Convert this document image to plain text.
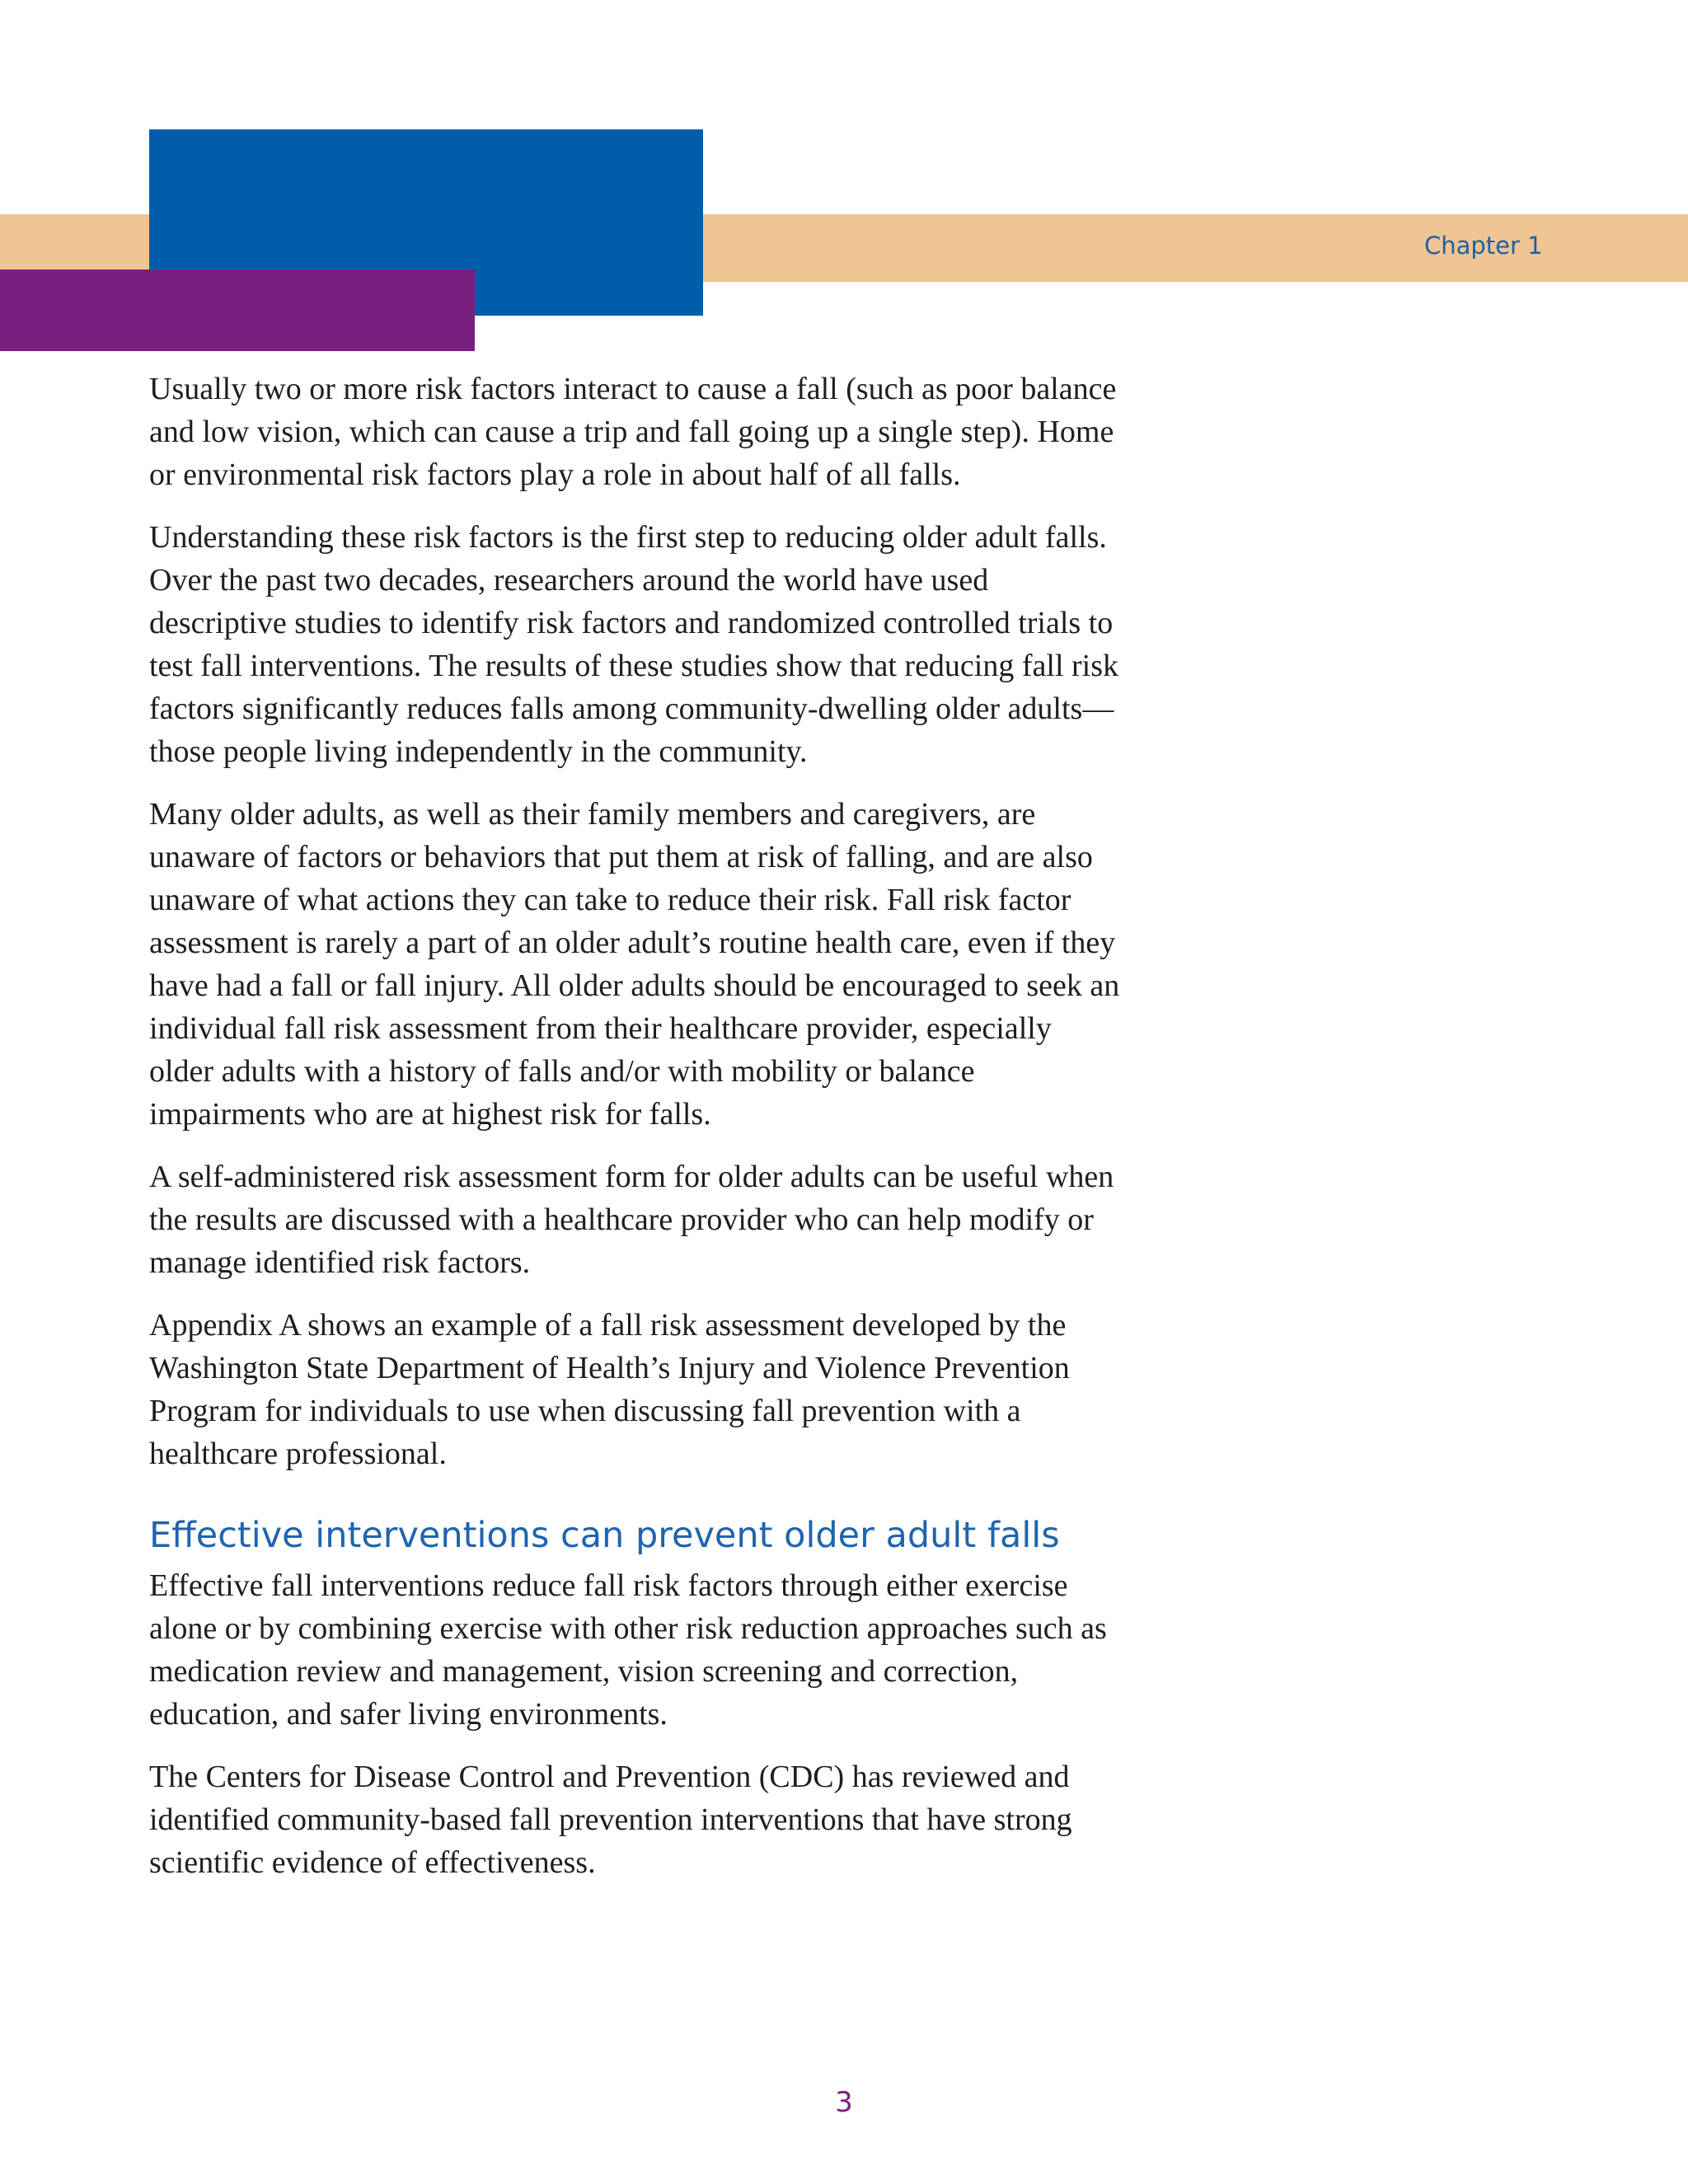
Chapter 1

Usually two or more risk factors interact to cause a fall (such as poor balance and low vision, which can cause a trip and fall going up a single step). Home or environmental risk factors play a role in about half of all falls.

Understanding these risk factors is the first step to reducing older adult falls. Over the past two decades, researchers around the world have used descriptive studies to identify risk factors and randomized controlled trials to test fall interventions. The results of these studies show that reducing fall risk factors significantly reduces falls among community-dwelling older adults—those people living independently in the community.

Many older adults, as well as their family members and caregivers, are unaware of factors or behaviors that put them at risk of falling, and are also unaware of what actions they can take to reduce their risk. Fall risk factor assessment is rarely a part of an older adult’s routine health care, even if they have had a fall or fall injury. All older adults should be encouraged to seek an individual fall risk assessment from their healthcare provider, especially older adults with a history of falls and/or with mobility or balance impairments who are at highest risk for falls.

A self-administered risk assessment form for older adults can be useful when the results are discussed with a healthcare provider who can help modify or manage identified risk factors.

Appendix A shows an example of a fall risk assessment developed by the Washington State Department of Health’s Injury and Violence Prevention Program for individuals to use when discussing fall prevention with a healthcare professional.

Effective interventions can prevent older adult falls

Effective fall interventions reduce fall risk factors through either exercise alone or by combining exercise with other risk reduction approaches such as medication review and management, vision screening and correction, education, and safer living environments.

The Centers for Disease Control and Prevention (CDC) has reviewed and identified community-based fall prevention interventions that have strong scientific evidence of effectiveness.

3
